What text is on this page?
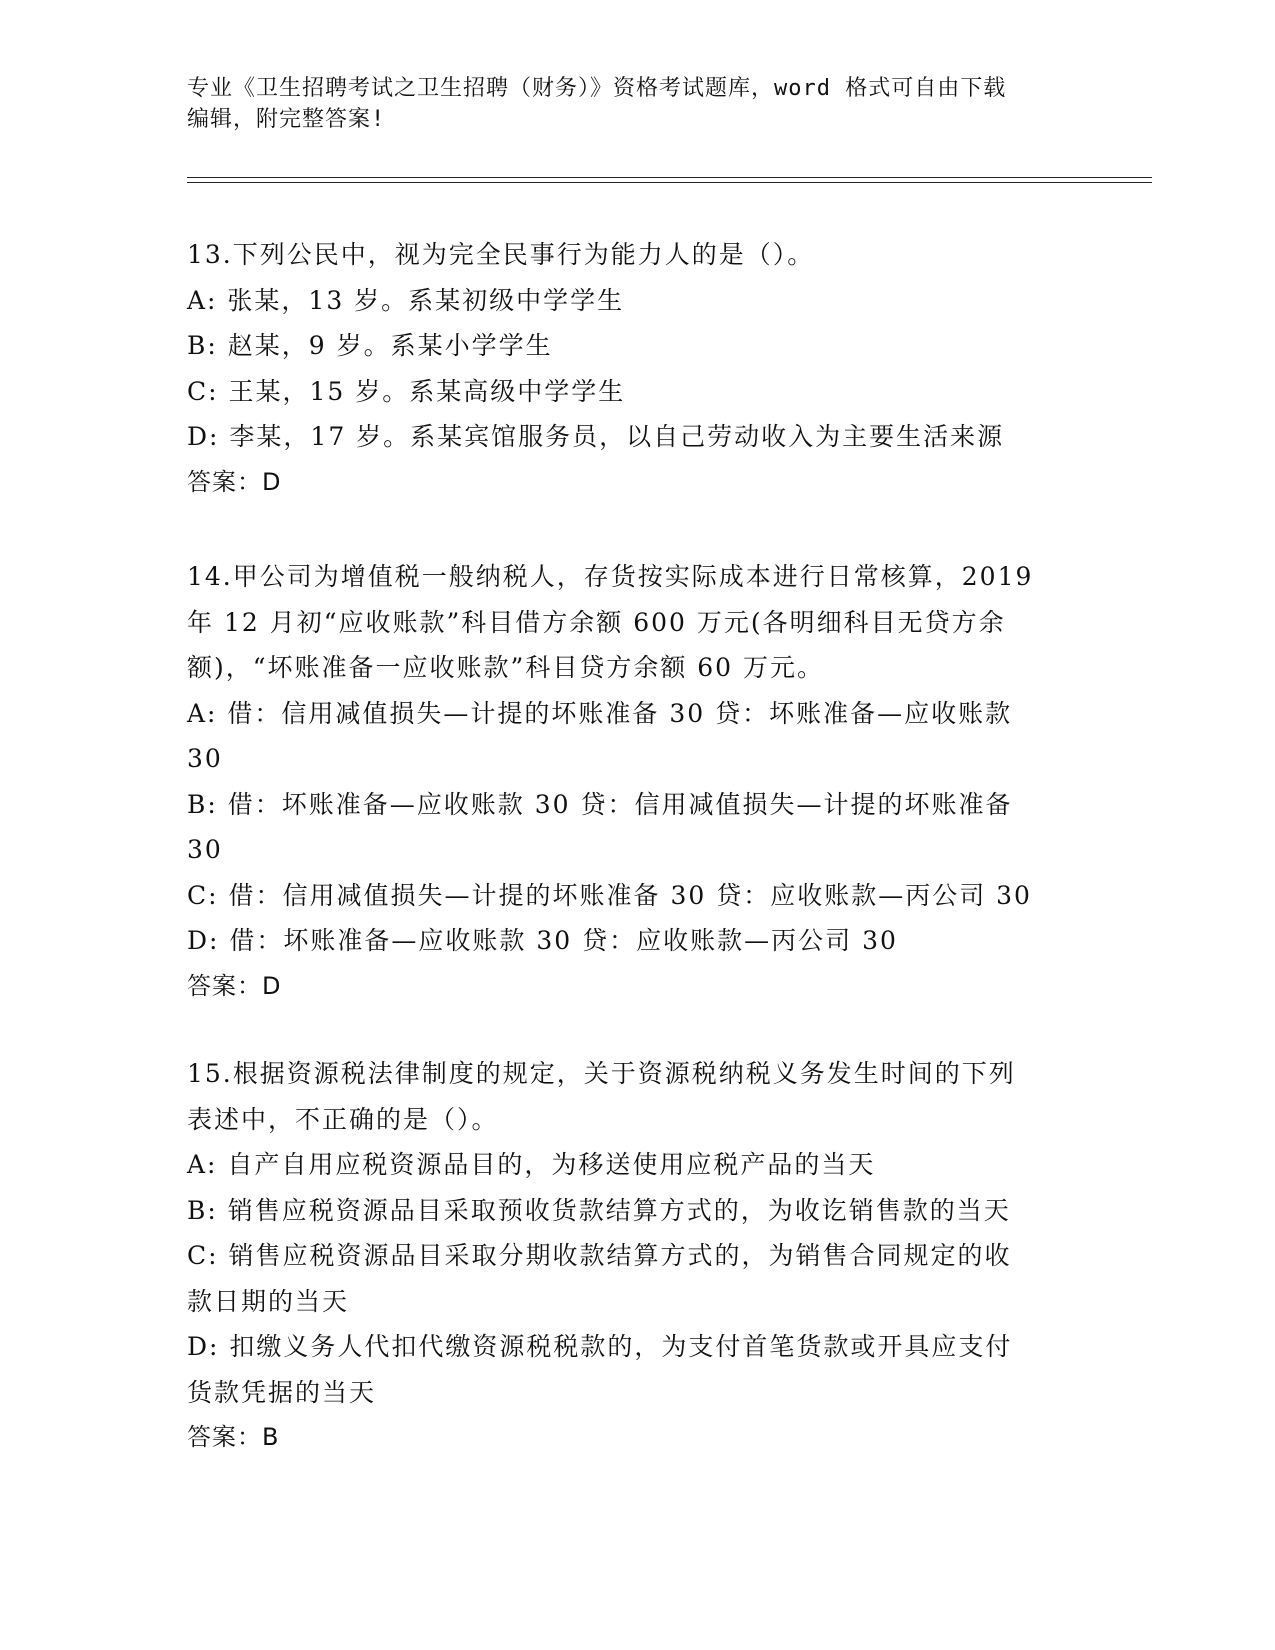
专业《卫生招聘考试之卫生招聘（财务）》资格考试题库，word 格式可自由下载
编辑，附完整答案!
13.下列公民中，视为完全民事行为能力人的是（）。
A: 张某，13 岁。系某初级中学学生
B: 赵某，9 岁。系某小学学生
C: 王某，15 岁。系某高级中学学生
D: 李某，17 岁。系某宾馆服务员，以自己劳动收入为主要生活来源
答案：D
14.甲公司为增值税一般纳税人，存货按实际成本进行日常核算，2019
年 12 月初“应收账款”科目借方余额 600 万元(各明细科目无贷方余
额)，“坏账准备一应收账款”科目贷方余额 60 万元。
A: 借：信用减值损失—计提的坏账准备 30 贷：坏账准备—应收账款
30
B: 借：坏账准备—应收账款 30 贷：信用减值损失—计提的坏账准备
30
C: 借：信用减值损失—计提的坏账准备 30 贷：应收账款—丙公司 30
D: 借：坏账准备—应收账款 30 贷：应收账款—丙公司 30
答案：D
15.根据资源税法律制度的规定，关于资源税纳税义务发生时间的下列
表述中，不正确的是（）。
A: 自产自用应税资源品目的，为移送使用应税产品的当天
B: 销售应税资源品目采取预收货款结算方式的，为收讫销售款的当天
C: 销售应税资源品目采取分期收款结算方式的，为销售合同规定的收
款日期的当天
D: 扣缴义务人代扣代缴资源税税款的，为支付首笔货款或开具应支付
货款凭据的当天
答案：B
